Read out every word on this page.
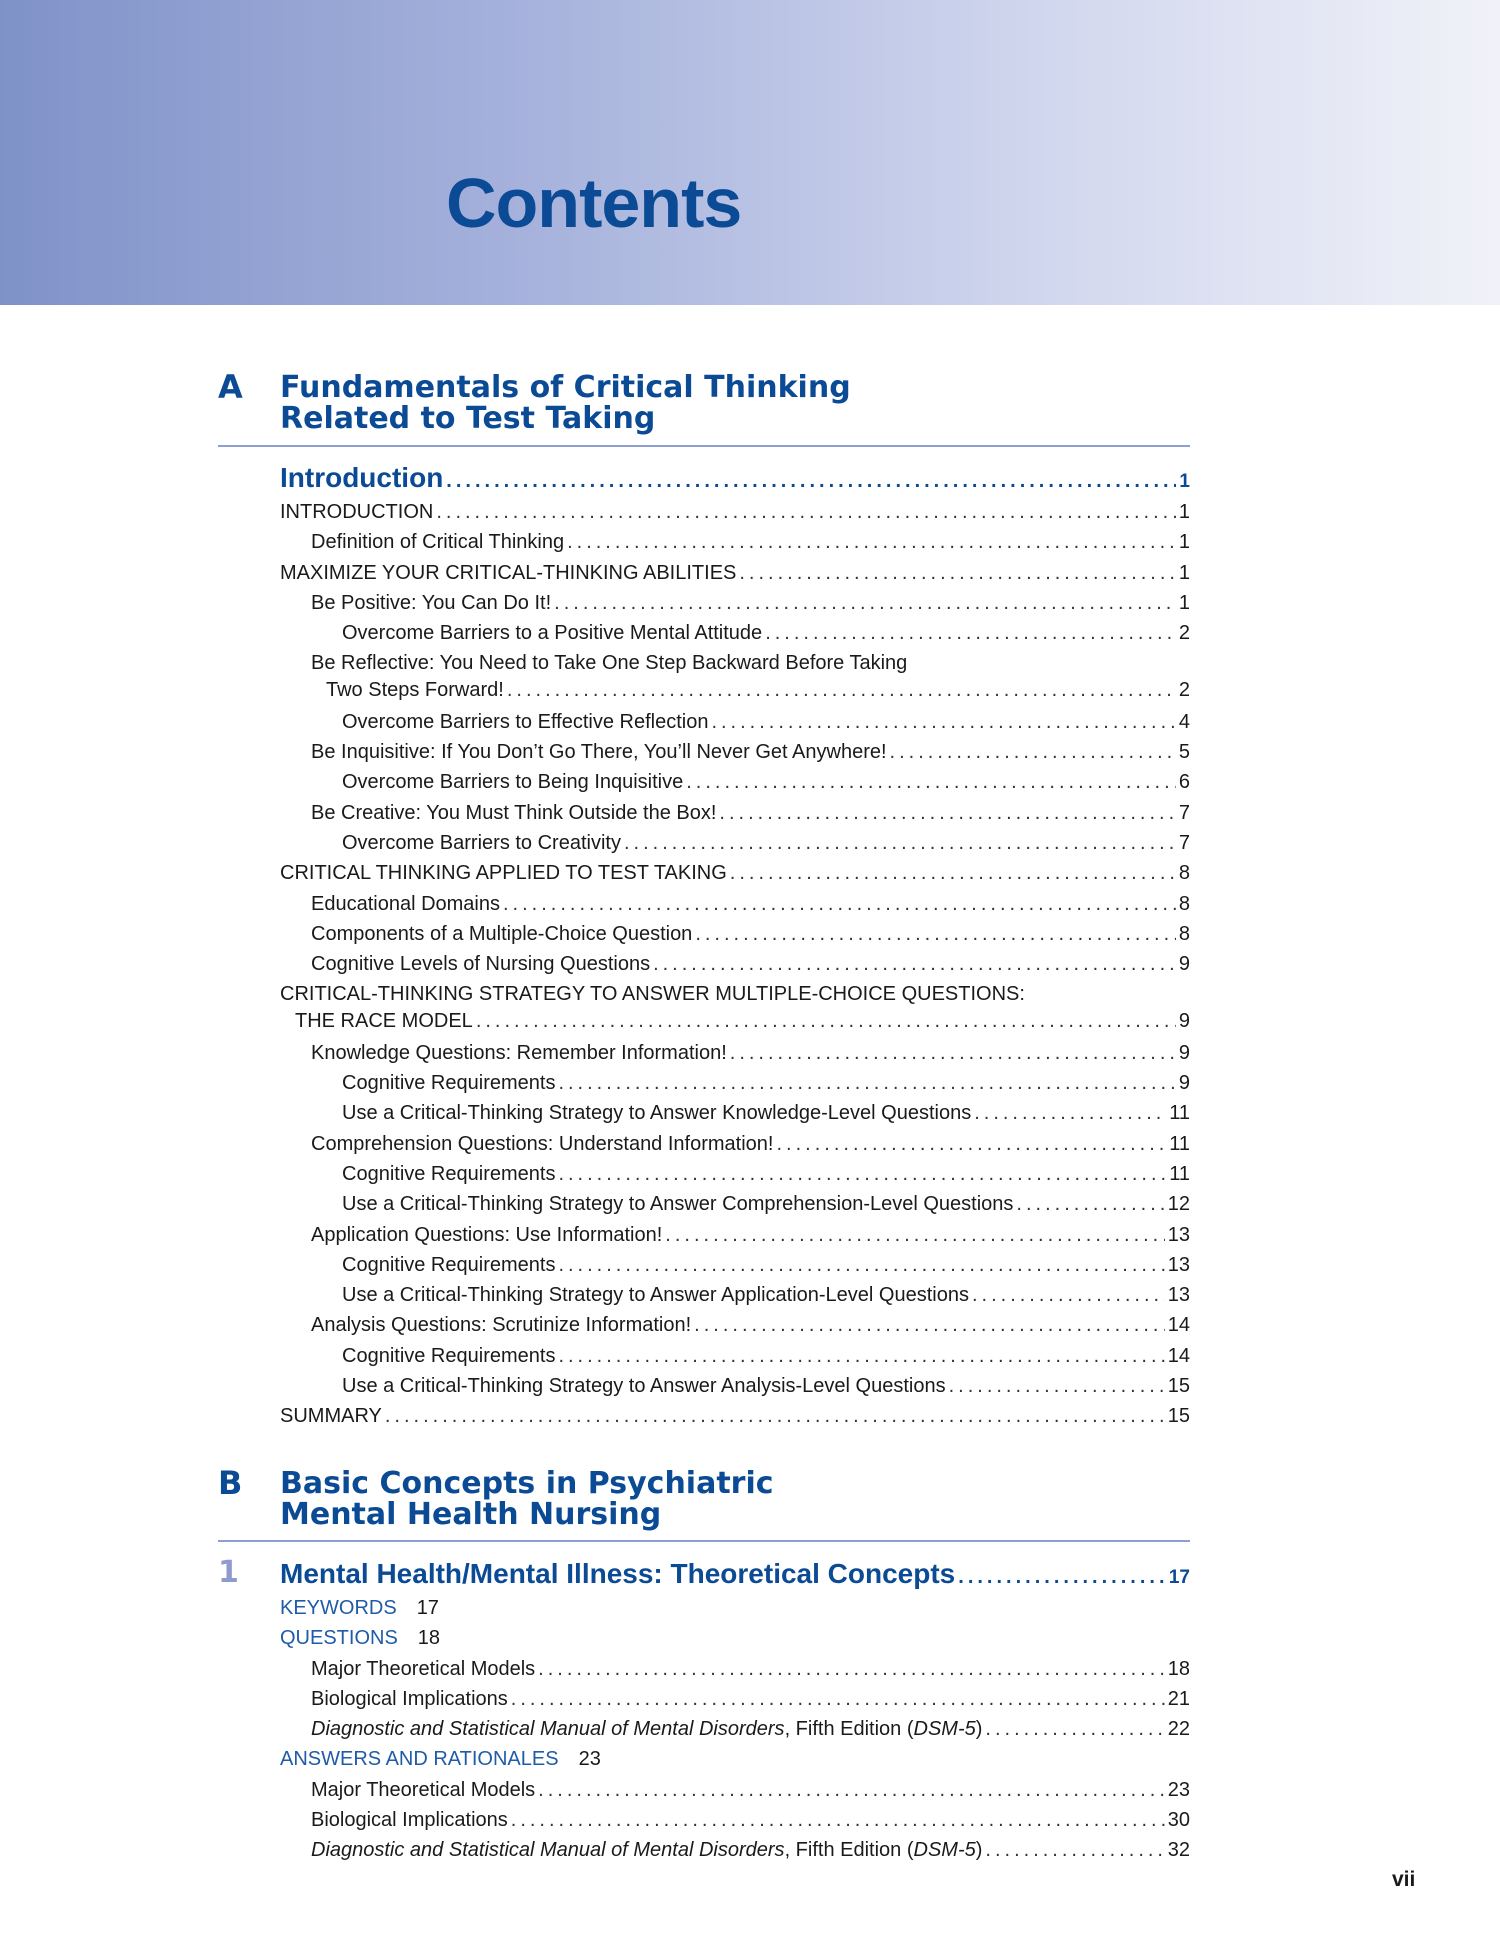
Contents
A Fundamentals of Critical Thinking
Related to Test Taking
Introduction .....	1
INTRODUCTION .....	1
Definition of Critical Thinking .....	1
MAXIMIZE YOUR CRITICAL-THINKING ABILITIES .....	1
Be Positive: You Can Do It! .....	1
Overcome Barriers to a Positive Mental Attitude .....	2
Be Reflective: You Need to Take One Step Backward Before Taking
Two Steps Forward! .....	2
Overcome Barriers to Effective Reflection .....	4
Be Inquisitive: If You Don’t Go There, You’ll Never Get Anywhere! .....	5
Overcome Barriers to Being Inquisitive .....	6
Be Creative: You Must Think Outside the Box! .....	7
Overcome Barriers to Creativity .....	7
CRITICAL THINKING APPLIED TO TEST TAKING .....	8
Educational Domains .....	8
Components of a Multiple-Choice Question .....	8
Cognitive Levels of Nursing Questions .....	9
CRITICAL-THINKING STRATEGY TO ANSWER MULTIPLE-CHOICE QUESTIONS:
THE RACE MODEL .....	9
Knowledge Questions: Remember Information! .....	9
Cognitive Requirements .....	9
Use a Critical-Thinking Strategy to Answer Knowledge-Level Questions .....	11
Comprehension Questions: Understand Information! .....	11
Cognitive Requirements .....	11
Use a Critical-Thinking Strategy to Answer Comprehension-Level Questions .....	12
Application Questions: Use Information! .....	13
Cognitive Requirements .....	13
Use a Critical-Thinking Strategy to Answer Application-Level Questions .....	13
Analysis Questions: Scrutinize Information! .....	14
Cognitive Requirements .....	14
Use a Critical-Thinking Strategy to Answer Analysis-Level Questions .....	15
SUMMARY .....	15
B Basic Concepts in Psychiatric
Mental Health Nursing
1 Mental Health/Mental Illness: Theoretical Concepts .....	17
KEYWORDS 17
QUESTIONS 18
Major Theoretical Models .....	18
Biological Implications .....	21
Diagnostic and Statistical Manual of Mental Disorders, Fifth Edition (DSM-5) .....	22
ANSWERS AND RATIONALES 23
Major Theoretical Models .....	23
Biological Implications .....	30
Diagnostic and Statistical Manual of Mental Disorders, Fifth Edition (DSM-5) .....	32
vii
